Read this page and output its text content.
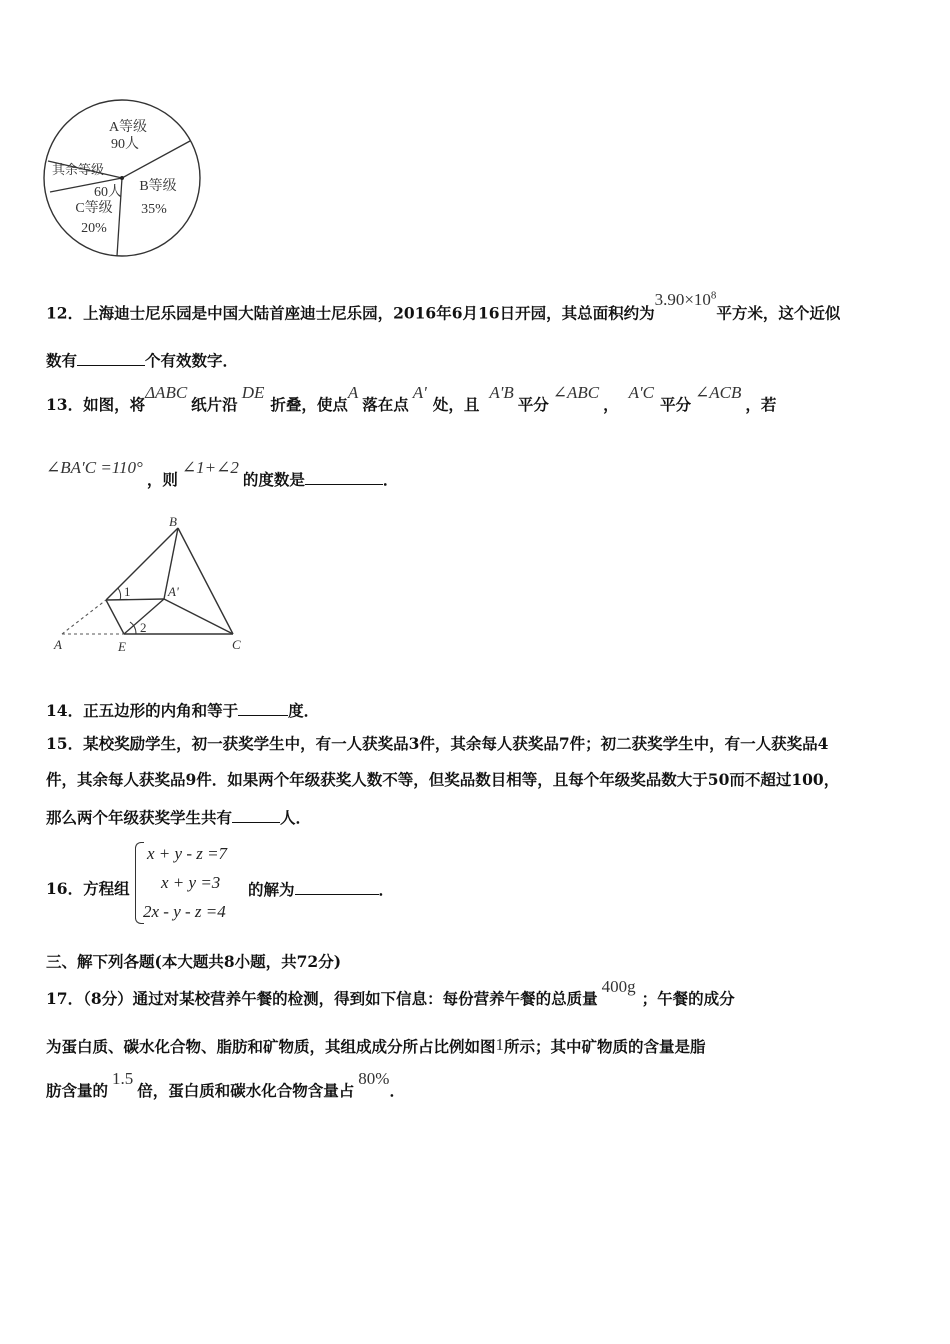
A等级
90人
B等级
35%
C等级
20%
其余等级
60人
12．上海迪士尼乐园是中国大陆首座迪士尼乐园，2016年6月16日开园，其总面积约为$3.90\times 10^8$平方米，这个近似
数有	个有效数字．
13．如图，将ΔABC纸片沿DE折叠，使点A落在点A'处，且A'B平分∠ABC，A'C平分∠ACB，若
∠BA′C =110°，则∠1+∠2的度数是	．
B
1	A'
2
A	E	C
14．正五边形的内角和等于	度．
15．某校奖励学生，初一获奖学生中，有一人获奖品3件，其余每人获奖品7件；初二获奖学生中，有一人获奖品4
件，其余每人获奖品9件．如果两个年级获奖人数不等，但奖品数目相等，且每个年级奖品数大于50而不超过100，
那么两个年级获奖学生共有	人．
16．方程组
x + y - z =7
x + y =3
2x - y - z =4
的解为	．
三、解下列各题(本大题共8小题，共72分)
17．（8分）通过对某校营养午餐的检测，得到如下信息：每份营养午餐的总质量400g；午餐的成分
为蛋白质、碳水化合物、脂肪和矿物质，其组成成分所占比例如图1所示；其中矿物质的含量是脂
肪含量的1.5倍，蛋白质和碳水化合物含量占80%．
